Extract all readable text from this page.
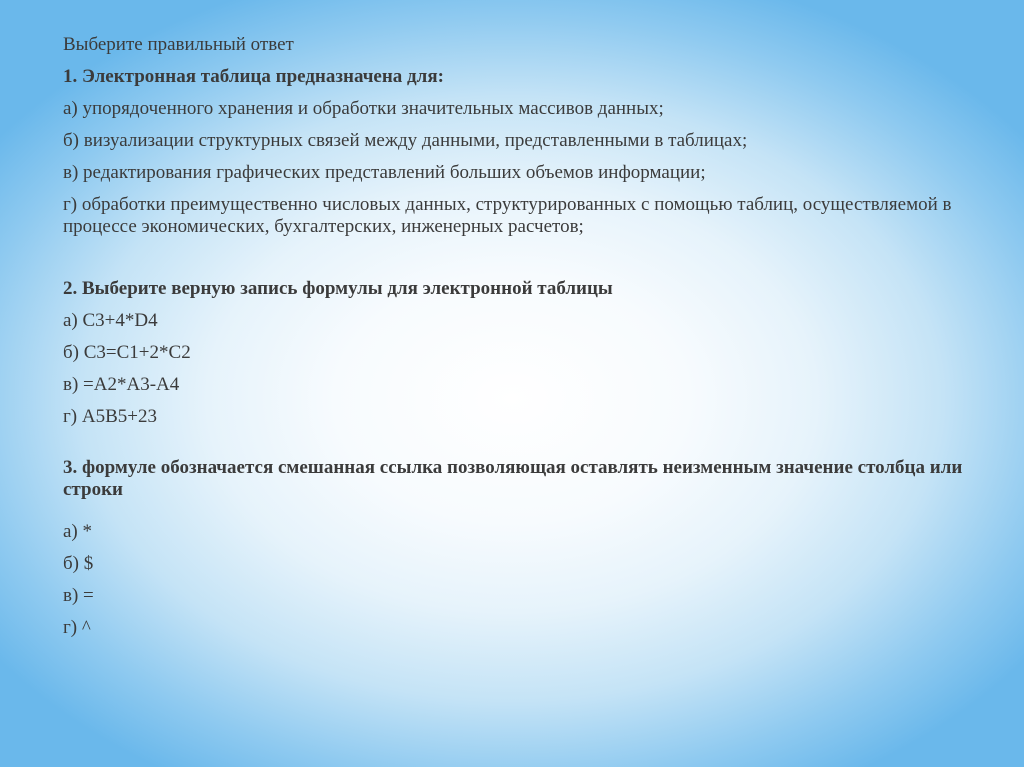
Выберите правильный ответ

1. Электронная таблица предназначена для:

а) упорядоченного хранения и обработки значительных массивов данных;

б) визуализации структурных связей между данными, представленными в таблицах;

в) редактирования графических представлений больших объемов информации;

г) обработки преимущественно числовых данных, структурированных с помощью таблиц, осуществляемой в процессе экономических, бухгалтерских, инженерных расчетов;

2. Выберите верную запись формулы для электронной таблицы

а) C3+4*D4

б) C3=C1+2*C2

в) =A2*A3-A4

г) A5B5+23

3. формуле обозначается смешанная ссылка позволяющая оставлять неизменным значение столбца или строки

а) *

б) $

в) =

г) ^
